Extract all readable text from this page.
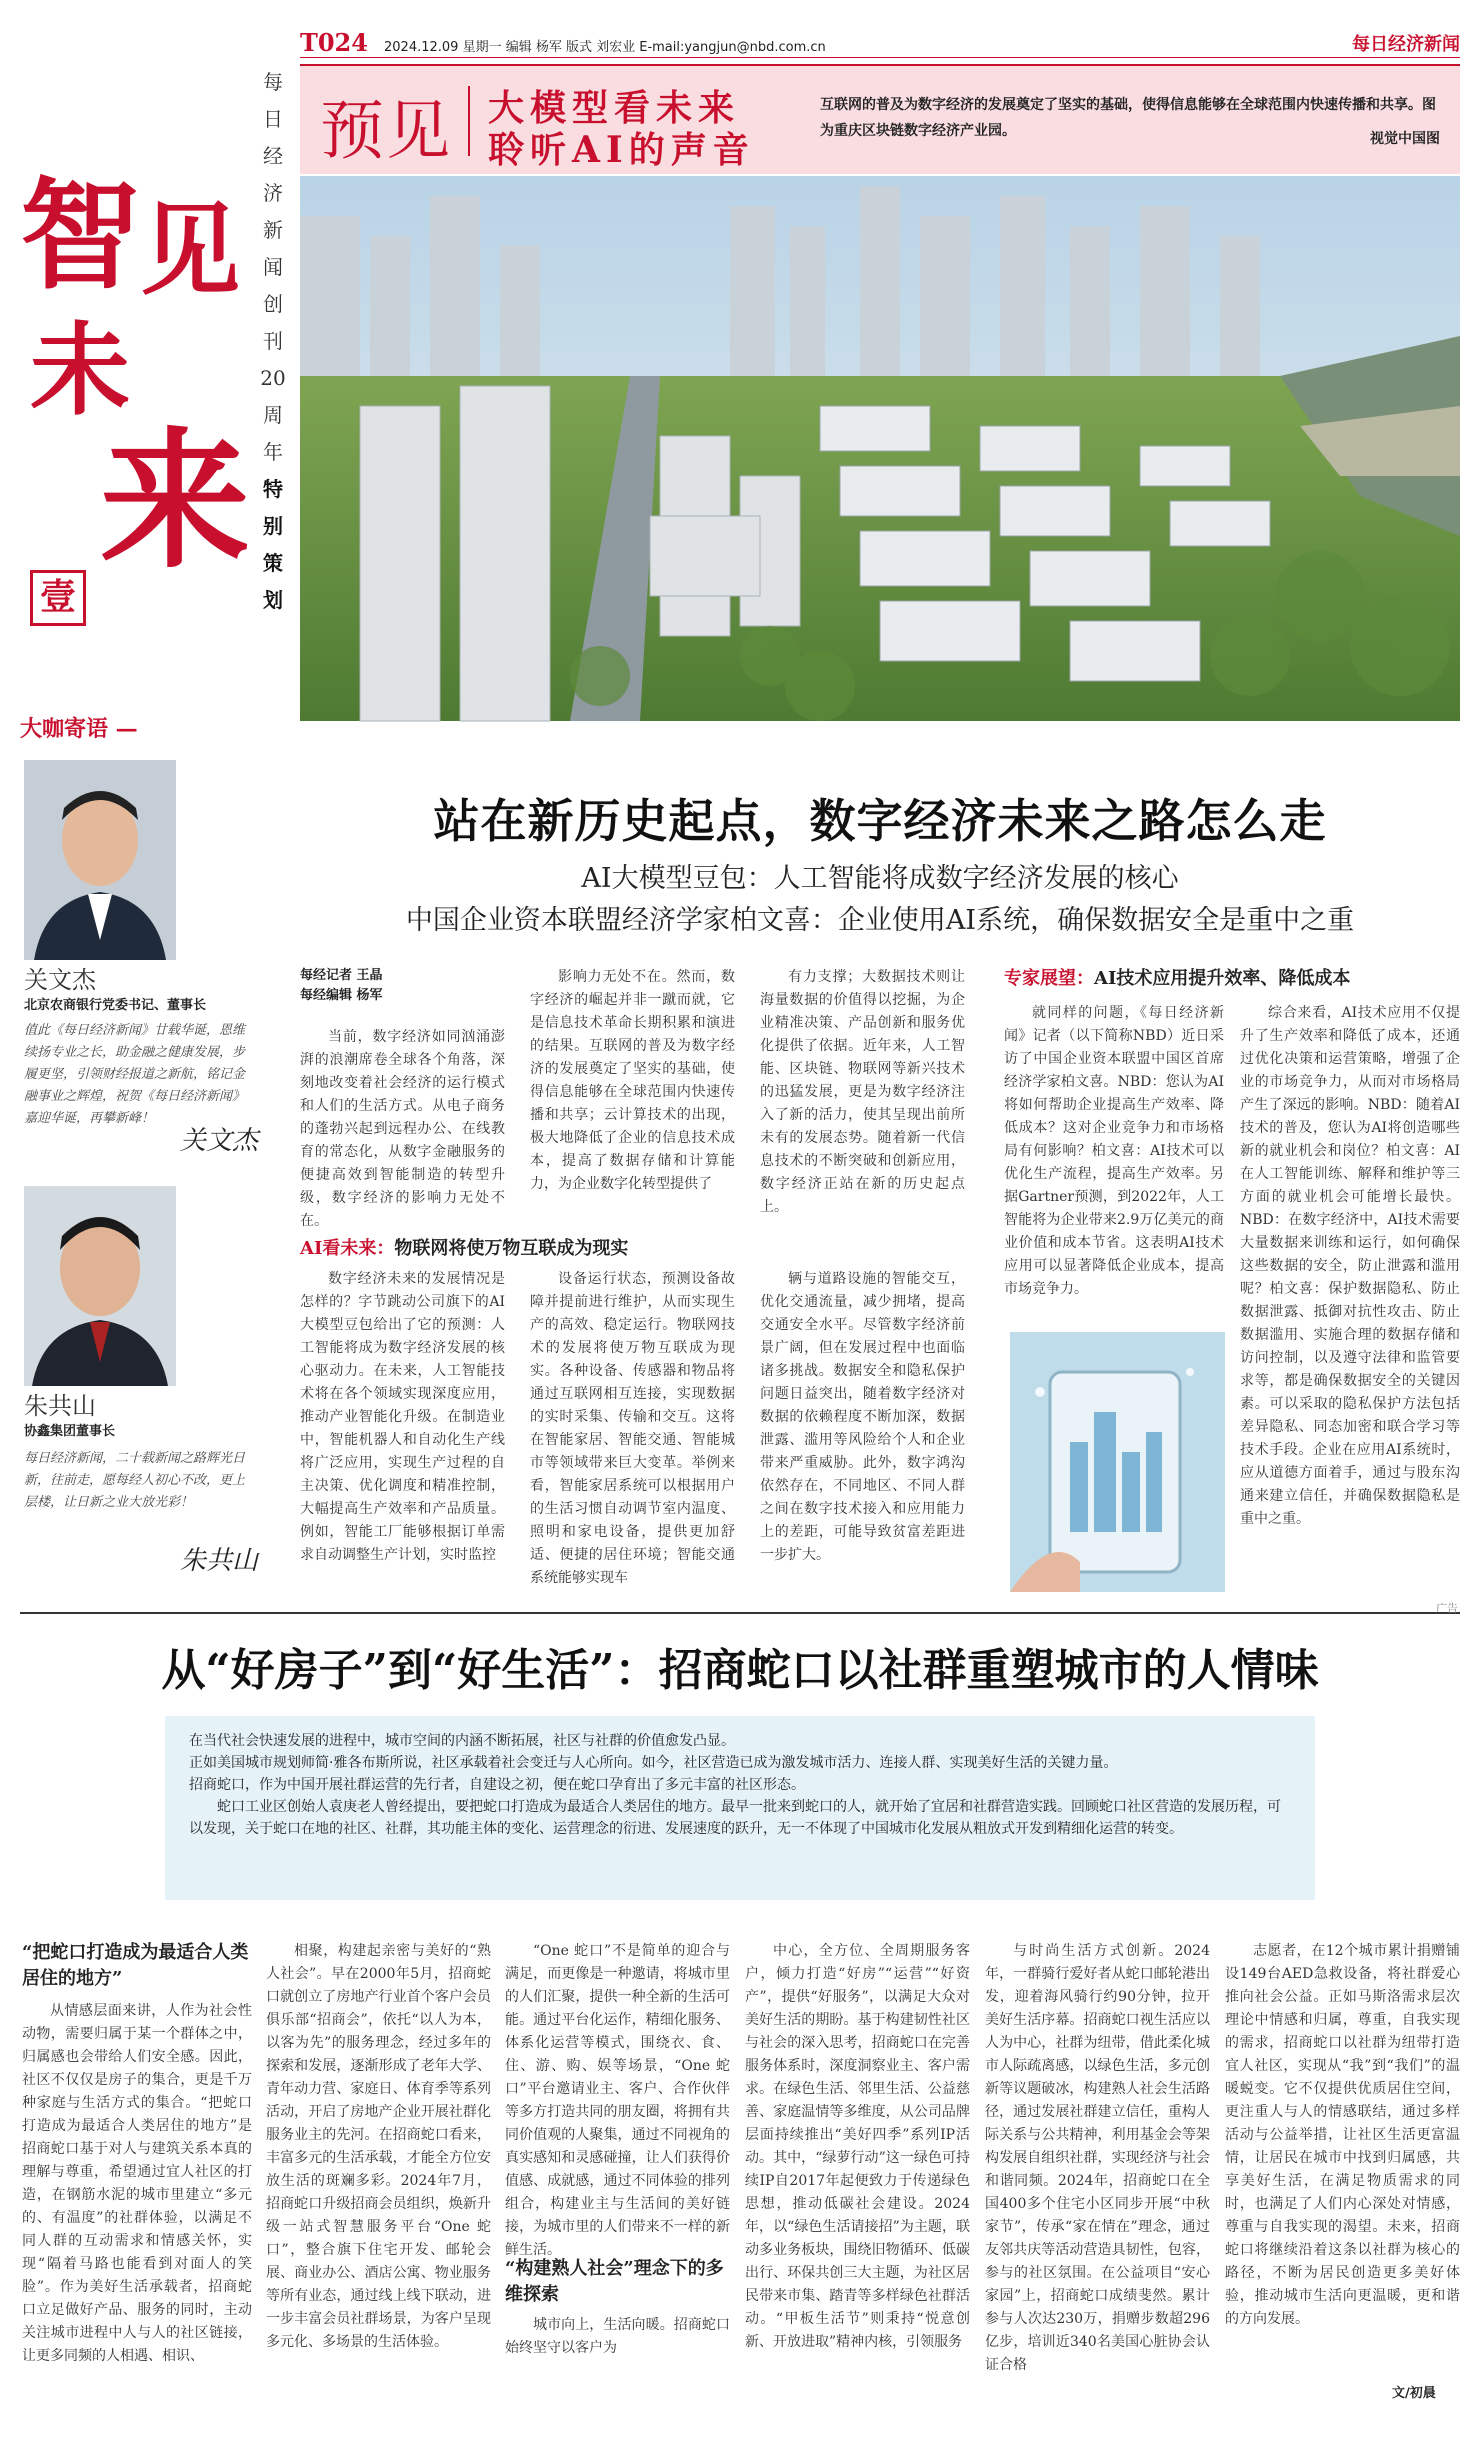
T024 2024.12.09 星期一 编辑 杨军 版式 刘宏业 E-mail:yangjun@nbd.com.cn	每日经济新闻
每
日
经
济
新
闻
创
刊
20
周
年
特
别
策
划
智 见
未
来
壹
预见 大模型看未来
聆听AI的声音
互联网的普及为数字经济的发展奠定了坚实的基础，使得信息能够在全球范围内快速传播和共享。图为重庆区块链数字经济产业园。	视觉中国图
大咖寄语 —
关文杰
北京农商银行党委书记、董事长
值此《每日经济新闻》廿载华诞，恩维续扬专业之长，助金融之健康发展，步履更坚，引领财经报道之新航，铭记金融事业之辉煌，祝贺《每日经济新闻》嘉迎华诞，再攀新峰！
关文杰
朱共山
协鑫集团董事长
每日经济新闻，二十载新闻之路辉光日新，往前走，愿每经人初心不改，更上层楼，让日新之业大放光彩！
朱共山
站在新历史起点，数字经济未来之路怎么走
AI大模型豆包：人工智能将成数字经济发展的核心
中国企业资本联盟经济学家柏文喜：企业使用AI系统，确保数据安全是重中之重
每经记者 王晶
每经编辑 杨军

当前，数字经济如同汹涌澎湃的浪潮席卷全球各个角落，深刻地改变着社会经济的运行模式和人们的生活方式。从电子商务的蓬勃兴起到远程办公、在线教育的常态化，从数字金融服务的便捷高效到智能制造的转型升级，数字经济的影响力无处不在。

影响力无处不在。然而，数字经济的崛起并非一蹴而就，它是信息技术革命长期积累和演进的结果。互联网的普及为数字经济的发展奠定了坚实的基础，使得信息能够在全球范围内快速传播和共享；云计算技术的出现，极大地降低了企业的信息技术成本，提高了数据存储和计算能力，为企业数字化转型提供了

有力支撑；大数据技术则让海量数据的价值得以挖掘，为企业精准决策、产品创新和服务优化提供了依据。近年来，人工智能、区块链、物联网等新兴技术的迅猛发展，更是为数字经济注入了新的活力，使其呈现出前所未有的发展态势。随着新一代信息技术的不断突破和创新应用，数字经济正站在新的历史起点上。

AI看未来：物联网将使万物互联成为现实

数字经济未来的发展情况是怎样的？字节跳动公司旗下的AI大模型豆包给出了它的预测：人工智能将成为数字经济发展的核心驱动力。在未来，人工智能技术将在各个领域实现深度应用，推动产业智能化升级。在制造业中，智能机器人和自动化生产线将广泛应用，实现生产过程的自主决策、优化调度和精准控制，大幅提高生产效率和产品质量。例如，智能工厂能够根据订单需求自动调整生产计划，实时监控

设备运行状态，预测设备故障并提前进行维护，从而实现生产的高效、稳定运行。物联网技术的发展将使万物互联成为现实。各种设备、传感器和物品将通过互联网相互连接，实现数据的实时采集、传输和交互。这将在智能家居、智能交通、智能城市等领域带来巨大变革。举例来看，智能家居系统可以根据用户的生活习惯自动调节室内温度、照明和家电设备，提供更加舒适、便捷的居住环境；智能交通系统能够实现车

辆与道路设施的智能交互，优化交通流量，减少拥堵，提高交通安全水平。尽管数字经济前景广阔，但在发展过程中也面临诸多挑战。数据安全和隐私保护问题日益突出，随着数字经济对数据的依赖程度不断加深，数据泄露、滥用等风险给个人和企业带来严重威胁。此外，数字鸿沟依然存在，不同地区、不同人群之间在数字技术接入和应用能力上的差距，可能导致贫富差距进一步扩大。

专家展望：AI技术应用提升效率、降低成本

就同样的问题，《每日经济新闻》记者（以下简称NBD）近日采访了中国企业资本联盟中国区首席经济学家柏文喜。NBD：您认为AI将如何帮助企业提高生产效率、降低成本？这对企业竞争力和市场格局有何影响？柏文喜：AI技术可以优化生产流程，提高生产效率。另据Gartner预测，到2022年，人工智能将为企业带来2.9万亿美元的商业价值和成本节省。这表明AI技术应用可以显著降低企业成本，提高市场竞争力。

综合来看，AI技术应用不仅提升了生产效率和降低了成本，还通过优化决策和运营策略，增强了企业的市场竞争力，从而对市场格局产生了深远的影响。NBD：随着AI技术的普及，您认为AI将创造哪些新的就业机会和岗位？柏文喜：AI在人工智能训练、解释和维护等三方面的就业机会可能增长最快。NBD：在数字经济中，AI技术需要大量数据来训练和运行，如何确保这些数据的安全，防止泄露和滥用呢？柏文喜：保护数据隐私、防止数据泄露、抵御对抗性攻击、防止数据滥用、实施合理的数据存储和访问控制，以及遵守法律和监管要求等，都是确保数据安全的关键因素。可以采取的隐私保护方法包括差异隐私、同态加密和联合学习等技术手段。企业在应用AI系统时，应从道德方面着手，通过与股东沟通来建立信任，并确保数据隐私是重中之重。

广告
从“好房子”到“好生活”：招商蛇口以社群重塑城市的人情味

在当代社会快速发展的进程中，城市空间的内涵不断拓展，社区与社群的价值愈发凸显。

正如美国城市规划师简·雅各布斯所说，社区承载着社会变迁与人心所向。如今，社区营造已成为激发城市活力、连接人群、实现美好生活的关键力量。

招商蛇口，作为中国开展社群运营的先行者，自建设之初，便在蛇口孕育出了多元丰富的社区形态。

蛇口工业区创始人袁庚老人曾经提出，要把蛇口打造成为最适合人类居住的地方。最早一批来到蛇口的人，就开始了宜居和社群营造实践。回顾蛇口社区营造的发展历程，可以发现，关于蛇口在地的社区、社群，其功能主体的变化、运营理念的衍进、发展速度的跃升，无一不体现了中国城市化发展从粗放式开发到精细化运营的转变。

“把蛇口打造成为最适合人类居住的地方”

从情感层面来讲，人作为社会性动物，需要归属于某一个群体之中，归属感也会带给人们安全感。因此，社区不仅仅是房子的集合，更是千万种家庭与生活方式的集合。“把蛇口打造成为最适合人类居住的地方”是招商蛇口基于对人与建筑关系本真的理解与尊重，希望通过宜人社区的打造，在钢筋水泥的城市里建立“多元的、有温度”的社群体验，以满足不同人群的互动需求和情感关怀，实现“隔着马路也能看到对面人的笑脸”。作为美好生活承载者，招商蛇口立足做好产品、服务的同时，主动关注城市进程中人与人的社区链接，让更多同频的人相遇、相识、

相聚，构建起亲密与美好的“熟人社会”。早在2000年5月，招商蛇口就创立了房地产行业首个客户会员俱乐部“招商会”，依托“以人为本，以客为先”的服务理念，经过多年的探索和发展，逐渐形成了老年大学、青年动力营、家庭日、体育季等系列活动，开启了房地产企业开展社群化服务业主的先河。在招商蛇口看来，丰富多元的生活承载，才能全方位安放生活的斑斓多彩。2024年7月，招商蛇口升级招商会员组织，焕新升级一站式智慧服务平台“One 蛇口”，整合旗下住宅开发、邮轮会展、商业办公、酒店公寓、物业服务等所有业态，通过线上线下联动，进一步丰富会员社群场景，为客户呈现多元化、多场景的生活体验。

“One 蛇口”不是简单的迎合与满足，而更像是一种邀请，将城市里的人们汇聚，提供一种全新的生活可能。通过平台化运作，精细化服务、体系化运营等模式，围绕衣、食、住、游、购、娱等场景，“One 蛇口”平台邀请业主、客户、合作伙伴等多方打造共同的朋友圈，将拥有共同价值观的人聚集，通过不同视角的真实感知和灵感碰撞，让人们获得价值感、成就感，通过不同体验的排列组合，构建业主与生活间的美好链接，为城市里的人们带来不一样的新鲜生活。

“构建熟人社会”理念下的多维探索

城市向上，生活向暖。招商蛇口始终坚守以客户为

中心，全方位、全周期服务客户，倾力打造“好房”“运营”“好资产”，提供“好服务”，以满足大众对美好生活的期盼。基于构建韧性社区与社会的深入思考，招商蛇口在完善服务体系时，深度洞察业主、客户需求。在绿色生活、邻里生活、公益慈善、家庭温情等多维度，从公司品牌层面持续推出“美好四季”系列IP活动。其中，“绿萝行动”这一绿色可持续IP自2017年起便致力于传递绿色思想，推动低碳社会建设。2024年，以“绿色生活请接招”为主题，联动多业务板块，围绕旧物循环、低碳出行、环保共创三大主题，为社区居民带来市集、踏青等多样绿色社群活动。“甲板生活节”则秉持“悦意创新、开放进取”精神内核，引领服务

与时尚生活方式创新。2024年，一群骑行爱好者从蛇口邮轮港出发，迎着海风骑行约90分钟，拉开美好生活序幕。招商蛇口视生活应以人为中心，社群为纽带，借此柔化城市人际疏离感，以绿色生活，多元创新等议题破冰，构建熟人社会生活路径，通过发展社群建立信任，重构人际关系与公共精神，利用基金会等架构发展自组织社群，实现经济与社会和谐同频。2024年，招商蛇口在全国400多个住宅小区同步开展“中秋家节”，传承“家在情在”理念，通过友邻共庆等活动营造具韧性，包容，参与的社区氛围。在公益项目“安心家园”上，招商蛇口成绩斐然。累计参与人次达230万，捐赠步数超296亿步，培训近340名美国心脏协会认证合格

志愿者，在12个城市累计捐赠铺设149台AED急救设备，将社群爱心推向社会公益。正如马斯洛需求层次理论中情感和归属，尊重，自我实现的需求，招商蛇口以社群为纽带打造宜人社区，实现从“我”到“我们”的温暖蜕变。它不仅提供优质居住空间，更注重人与人的情感联结，通过多样活动与公益举措，让社区生活更富温情，让居民在城市中找到归属感，共享美好生活，在满足物质需求的同时，也满足了人们内心深处对情感，尊重与自我实现的渴望。未来，招商蛇口将继续沿着这条以社群为核心的路径，不断为居民创造更多美好体验，推动城市生活向更温暖，更和谐的方向发展。

文/初晨
